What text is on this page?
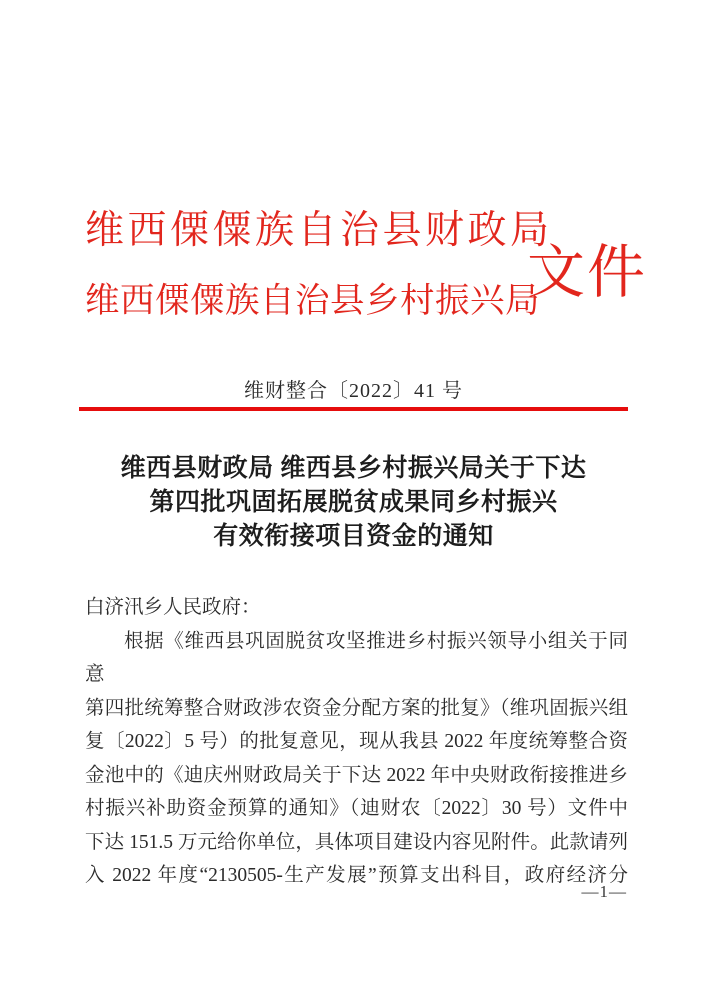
维西傈僳族自治县财政局
维西傈僳族自治县乡村振兴局
文件
维财整合〔2022〕41 号
维西县财政局 维西县乡村振兴局关于下达
第四批巩固拓展脱贫成果同乡村振兴
有效衔接项目资金的通知
白济汛乡人民政府：
根据《维西县巩固脱贫攻坚推进乡村振兴领导小组关于同意
第四批统筹整合财政涉农资金分配方案的批复》（维巩固振兴组
复〔2022〕5 号）的批复意见，现从我县 2022 年度统筹整合资
金池中的《迪庆州财政局关于下达 2022 年中央财政衔接推进乡
村振兴补助资金预算的通知》（迪财农〔2022〕30 号）文件中
下达 151.5 万元给你单位，具体项目建设内容见附件。此款请列
入 2022 年度“2130505-生产发展”预算支出科目，政府经济分
—1—
